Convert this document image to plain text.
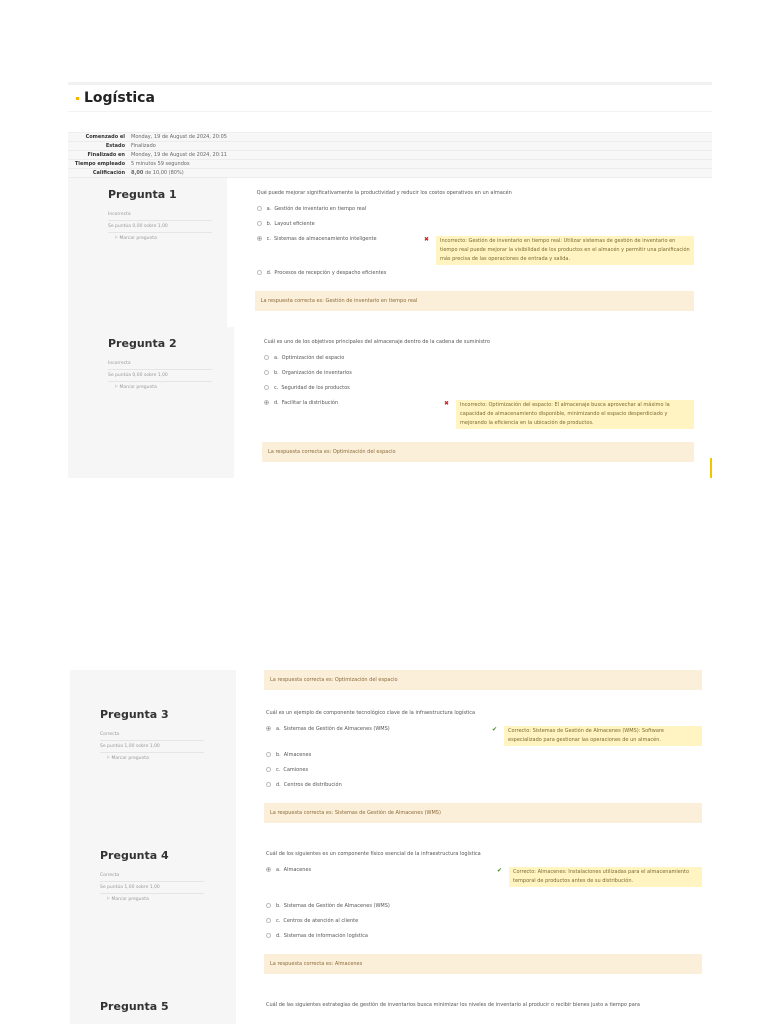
Logística
Comenzado el	Monday, 19 de August de 2024, 20:05
Estado	Finalizado
Finalizado en	Monday, 19 de August de 2024, 20:11
Tiempo empleado	5 minutos 59 segundos
Calificación	8,00 de 10,00 (80%)
Pregunta 1
Incorrecta
Se puntúa 0,00 sobre 1,00
⚐ Marcar pregunta
Qué puede mejorar significativamente la productividad y reducir los costos operativos en un almacén
a. Gestión de inventario en tiempo real
b. Layout eficiente
c. Sistemas de almacenamiento inteligente	✖	Incorrecto: Gestión de inventario en tiempo real: Utilizar sistemas de gestión de inventario en tiempo real puede mejorar la visibilidad de los productos en el almacén y permitir una planificación más precisa de las operaciones de entrada y salida.
d. Procesos de recepción y despacho eficientes
La respuesta correcta es: Gestión de inventario en tiempo real
Pregunta 2
Incorrecta
Se puntúa 0,00 sobre 1,00
⚐ Marcar pregunta
Cuál es uno de los objetivos principales del almacenaje dentro de la cadena de suministro
a. Optimización del espacio
b. Organización de inventarios
c. Seguridad de los productos
d. Facilitar la distribución	✖	Incorrecto: Optimización del espacio: El almacenaje busca aprovechar al máximo la capacidad de almacenamiento disponible, minimizando el espacio desperdiciado y mejorando la eficiencia en la ubicación de productos.
La respuesta correcta es: Optimización del espacio
La respuesta correcta es: Optimización del espacio
Pregunta 3
Correcta
Se puntúa 1,00 sobre 1,00
⚐ Marcar pregunta
Cuál es un ejemplo de componente tecnológico clave de la infraestructura logística
a. Sistemas de Gestión de Almacenes (WMS)	✔	Correcto: Sistemas de Gestión de Almacenes (WMS): Software especializado para gestionar las operaciones de un almacén.
b. Almacenes
c. Camiones
d. Centros de distribución
La respuesta correcta es: Sistemas de Gestión de Almacenes (WMS)
Pregunta 4
Correcta
Se puntúa 1,00 sobre 1,00
⚐ Marcar pregunta
Cuál de los siguientes es un componente físico esencial de la infraestructura logística
a. Almacenes	✔	Correcto: Almacenes: Instalaciones utilizadas para el almacenamiento temporal de productos antes de su distribución.
b. Sistemas de Gestión de Almacenes (WMS)
c. Centros de atención al cliente
d. Sistemas de información logística
La respuesta correcta es: Almacenes
Pregunta 5	Cuál de las siguientes estrategias de gestión de inventarios busca minimizar los niveles de inventario al producir o recibir bienes justo a tiempo para
